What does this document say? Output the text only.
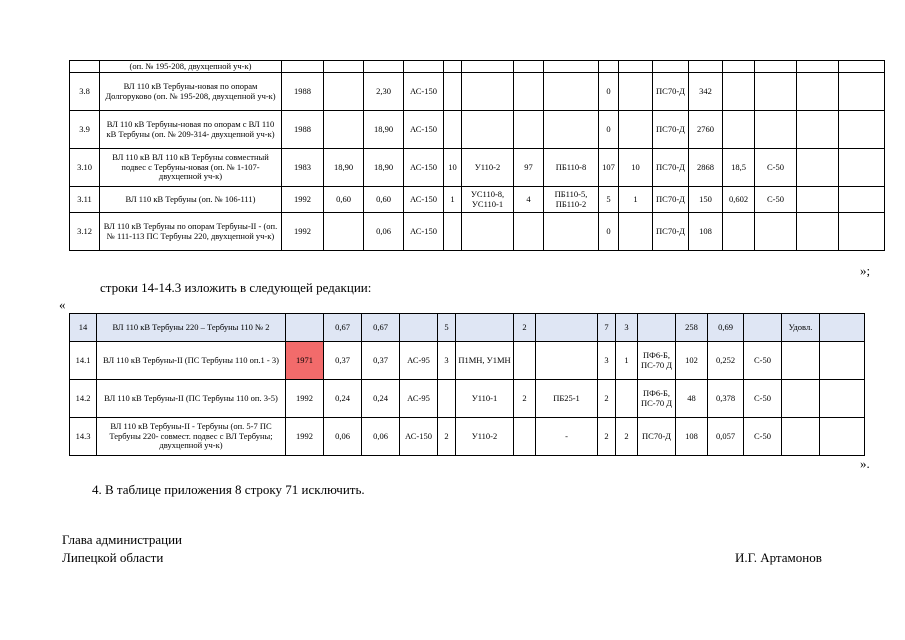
	(оп. № 195-208, двухцепной уч-к)																
3.8	ВЛ 110 кВ Тербуны-новая по опорам Долгоруково (оп. № 195-208, двухцепной уч-к)	1988		2,30	АС-150					0		ПС70-Д	342				
3.9	ВЛ 110 кВ Тербуны-новая по опорам с ВЛ 110 кВ Тербуны (оп. № 209-314- двухцепной уч-к)	1988		18,90	АС-150					0		ПС70-Д	2760				
3.10	ВЛ 110 кВ ВЛ 110 кВ Тербуны совместный подвес с Тербуны-новая (оп. № 1-107-двухцепной уч-к)	1983	18,90	18,90	АС-150	10	У110-2	97	ПБ110-8	107	10	ПС70-Д	2868	18,5	С-50		
3.11	ВЛ 110 кВ Тербуны (оп. № 106-111)	1992	0,60	0,60	АС-150	1	УС110-8, УС110-1	4	ПБ110-5, ПБ110-2	5	1	ПС70-Д	150	0,602	С-50		
3.12	ВЛ 110 кВ Тербуны по опорам Тербуны-II - (оп. № 111-113 ПС Тербуны 220, двухцепной уч-к)	1992		0,06	АС-150					0		ПС70-Д	108				
»;
строки 14-14.3 изложить в следующей редакции:
«
14	ВЛ 110 кВ Тербуны 220 – Тербуны 110 № 2		0,67	0,67		5		2		7	3		258	0,69		Удовл.	
14.1	ВЛ 110 кВ Тербуны-II (ПС Тербуны 110 оп.1 - 3)	1971	0,37	0,37	АС-95	3	П1МН, У1МН			3	1	ПФ6-Б, ПС-70 Д	102	0,252	С-50		
14.2	ВЛ 110 кВ Тербуны-II (ПС Тербуны 110 оп. 3-5)	1992	0,24	0,24	АС-95		У110-1	2	ПБ25-1	2		ПФ6-Б, ПС-70 Д	48	0,378	С-50		
14.3	ВЛ 110 кВ Тербуны-II - Тербуны (оп. 5-7 ПС Тербуны 220- совмест. подвес с ВЛ Тербуны; двухцепной уч-к)	1992	0,06	0,06	АС-150	2	У110-2		-	2	2	ПС70-Д	108	0,057	С-50		
».
4. В таблице приложения 8 строку 71 исключить.
Глава администрации
Липецкой области	И.Г. Артамонов
